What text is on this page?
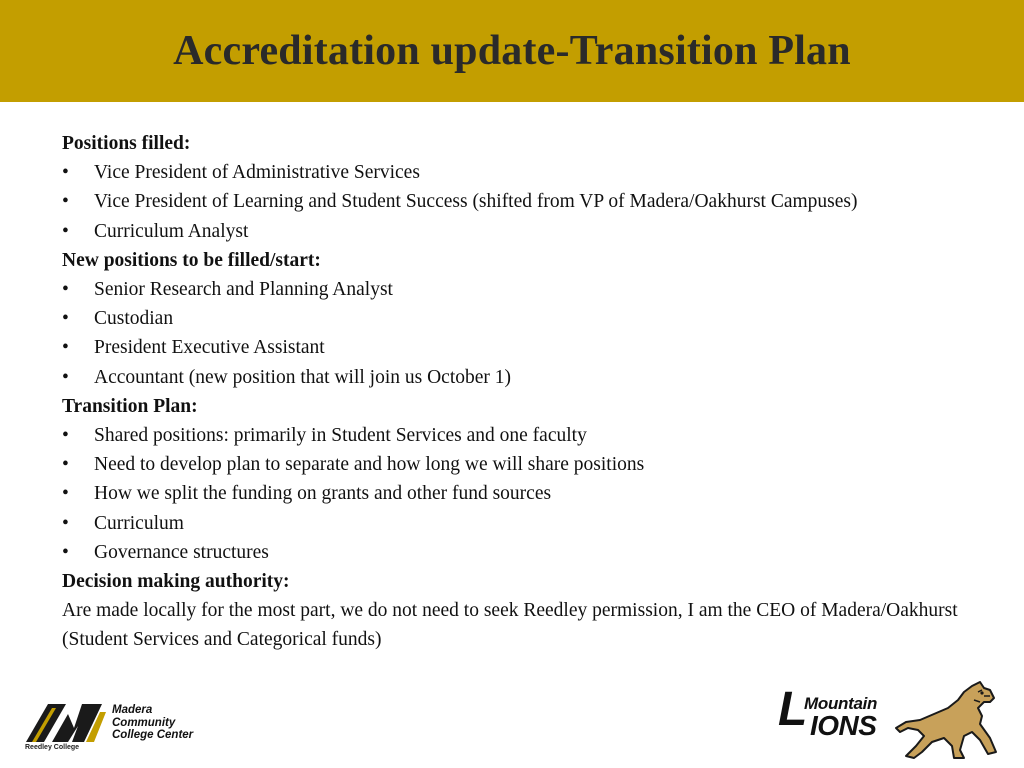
Accreditation update-Transition Plan
Positions filled:
•	Vice President of Administrative Services
•	Vice President of Learning and Student Success (shifted from VP of Madera/Oakhurst Campuses)
•	Curriculum Analyst
New positions to be filled/start:
•	Senior Research and Planning Analyst
•	Custodian
•	President Executive Assistant
•	Accountant (new position that will join us October 1)
Transition Plan:
•	Shared positions: primarily in Student Services and one faculty
•	Need to develop plan to separate and how long we will share positions
•	How we split the funding on grants and other fund sources
•	Curriculum
•	Governance structures
Decision making authority:
Are made locally for the most part, we do not need to seek Reedley permission, I am the CEO of Madera/Oakhurst (Student Services and Categorical funds)
Madera
Community
College Center
Reedley College
L
Mountain
IONS
